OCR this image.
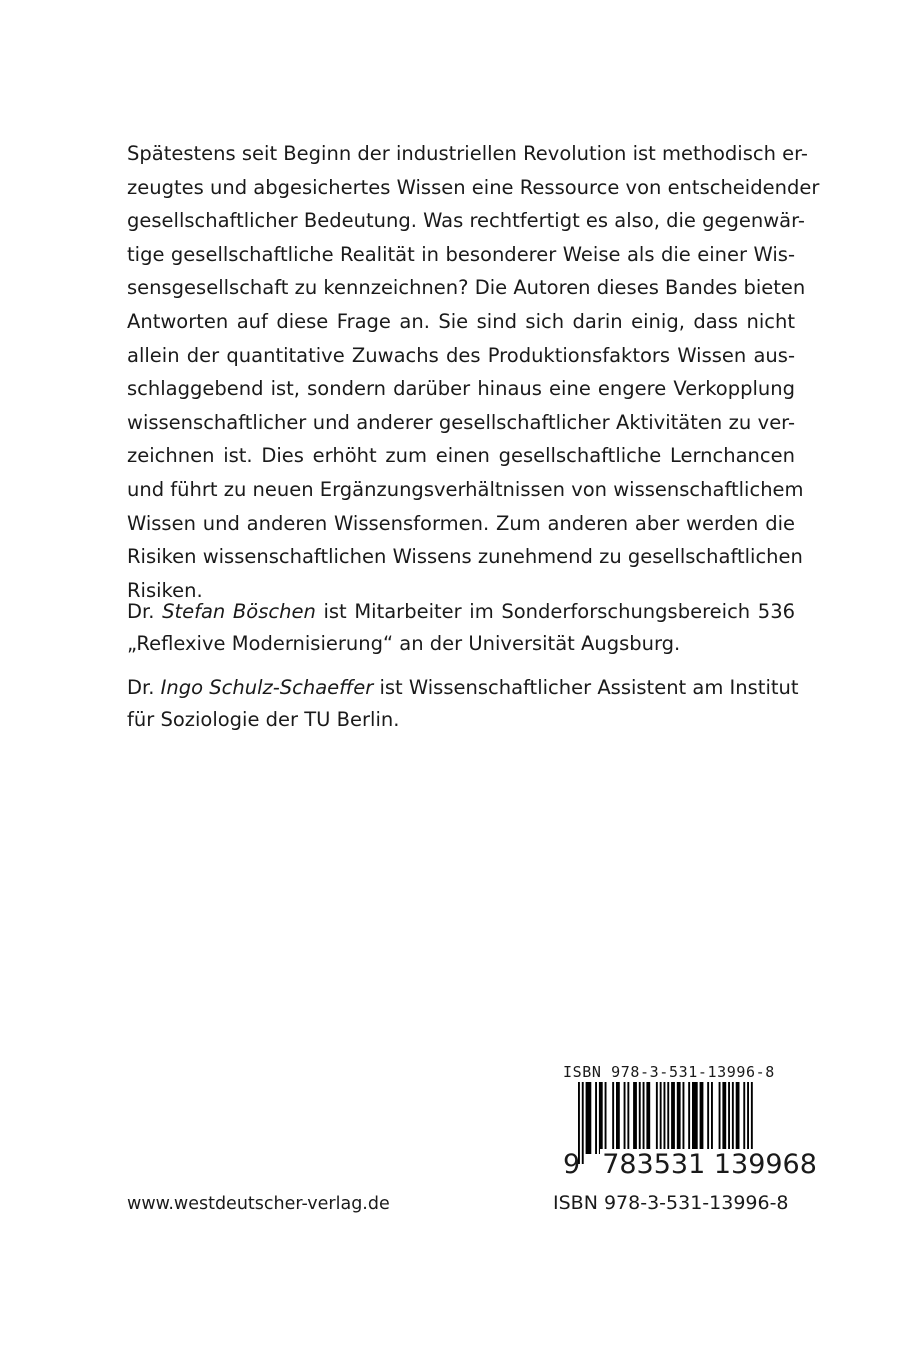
Spätestens seit Beginn der industriellen Revolution ist methodisch er-
zeugtes und abgesichertes Wissen eine Ressource von entscheidender
gesellschaftlicher Bedeutung. Was rechtfertigt es also, die gegenwär-
tige gesellschaftliche Realität in besonderer Weise als die einer Wis-
sensgesellschaft zu kennzeichnen? Die Autoren dieses Bandes bieten
Antworten auf diese Frage an. Sie sind sich darin einig, dass nicht
allein der quantitative Zuwachs des Produktionsfaktors Wissen aus-
schlaggebend ist, sondern darüber hinaus eine engere Verkopplung
wissenschaftlicher und anderer gesellschaftlicher Aktivitäten zu ver-
zeichnen ist. Dies erhöht zum einen gesellschaftliche Lernchancen
und führt zu neuen Ergänzungsverhältnissen von wissenschaftlichem
Wissen und anderen Wissensformen. Zum anderen aber werden die
Risiken wissenschaftlichen Wissens zunehmend zu gesellschaftlichen
Risiken.
Dr. Stefan Böschen ist Mitarbeiter im Sonderforschungsbereich 536
„Reflexive Modernisierung“ an der Universität Augsburg.
Dr. Ingo Schulz-Schaeffer ist Wissenschaftlicher Assistent am Institut
für Soziologie der TU Berlin.
ISBN 978-3-531-13996-8
9 783531 139968
www.westdeutscher-verlag.de	ISBN 978-3-531-13996-8
